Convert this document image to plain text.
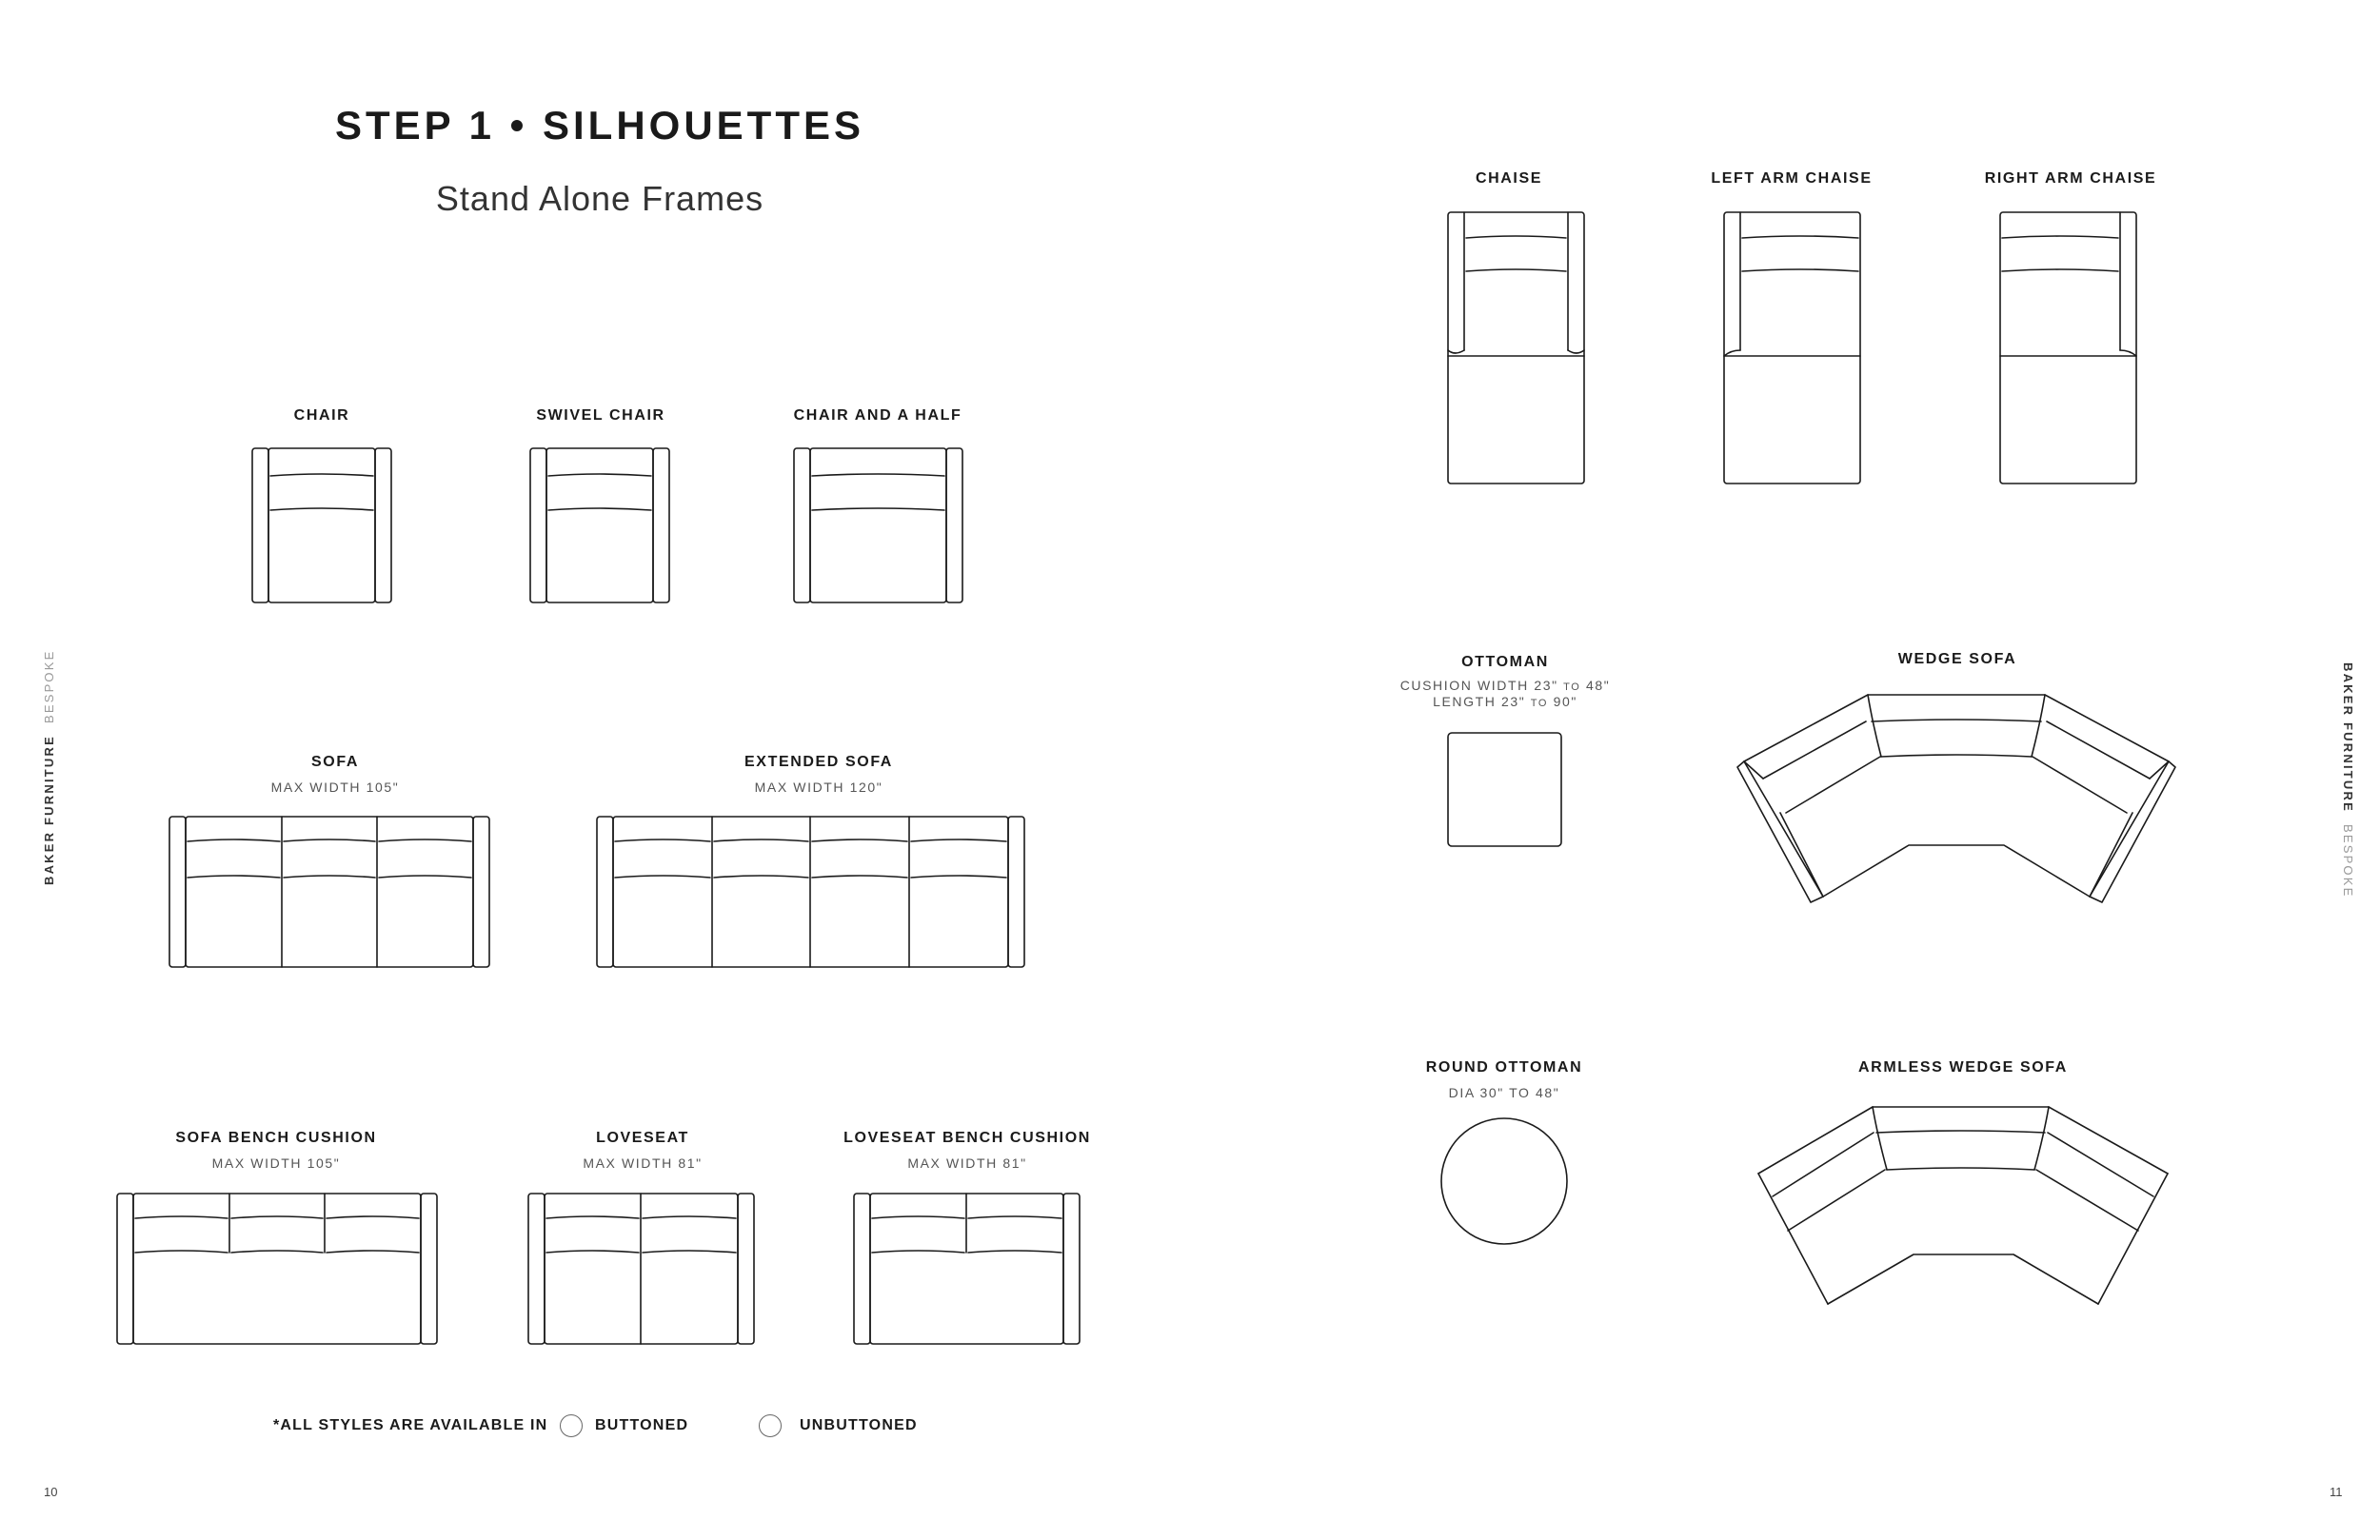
STEP 1 • SILHOUETTES
Stand Alone Frames
CHAIR	SWIVEL CHAIR	CHAIR AND A HALF
SOFA
MAX WIDTH 105"
EXTENDED SOFA
MAX WIDTH 120"
SOFA BENCH CUSHION
MAX WIDTH 105"
LOVESEAT
MAX WIDTH 81"
LOVESEAT BENCH CUSHION
MAX WIDTH 81"
CHAISE	LEFT ARM CHAISE	RIGHT ARM CHAISE
OTTOMAN
CUSHION WIDTH 23" TO 48"
LENGTH 23" TO 90"
WEDGE SOFA
ROUND OTTOMAN
DIA 30" TO 48"
ARMLESS WEDGE SOFA
BAKER FURNITUREBESPOKE	BAKER FURNITUREBESPOKE
10	11
*ALL STYLES ARE AVAILABLE IN	BUTTONED	UNBUTTONED
